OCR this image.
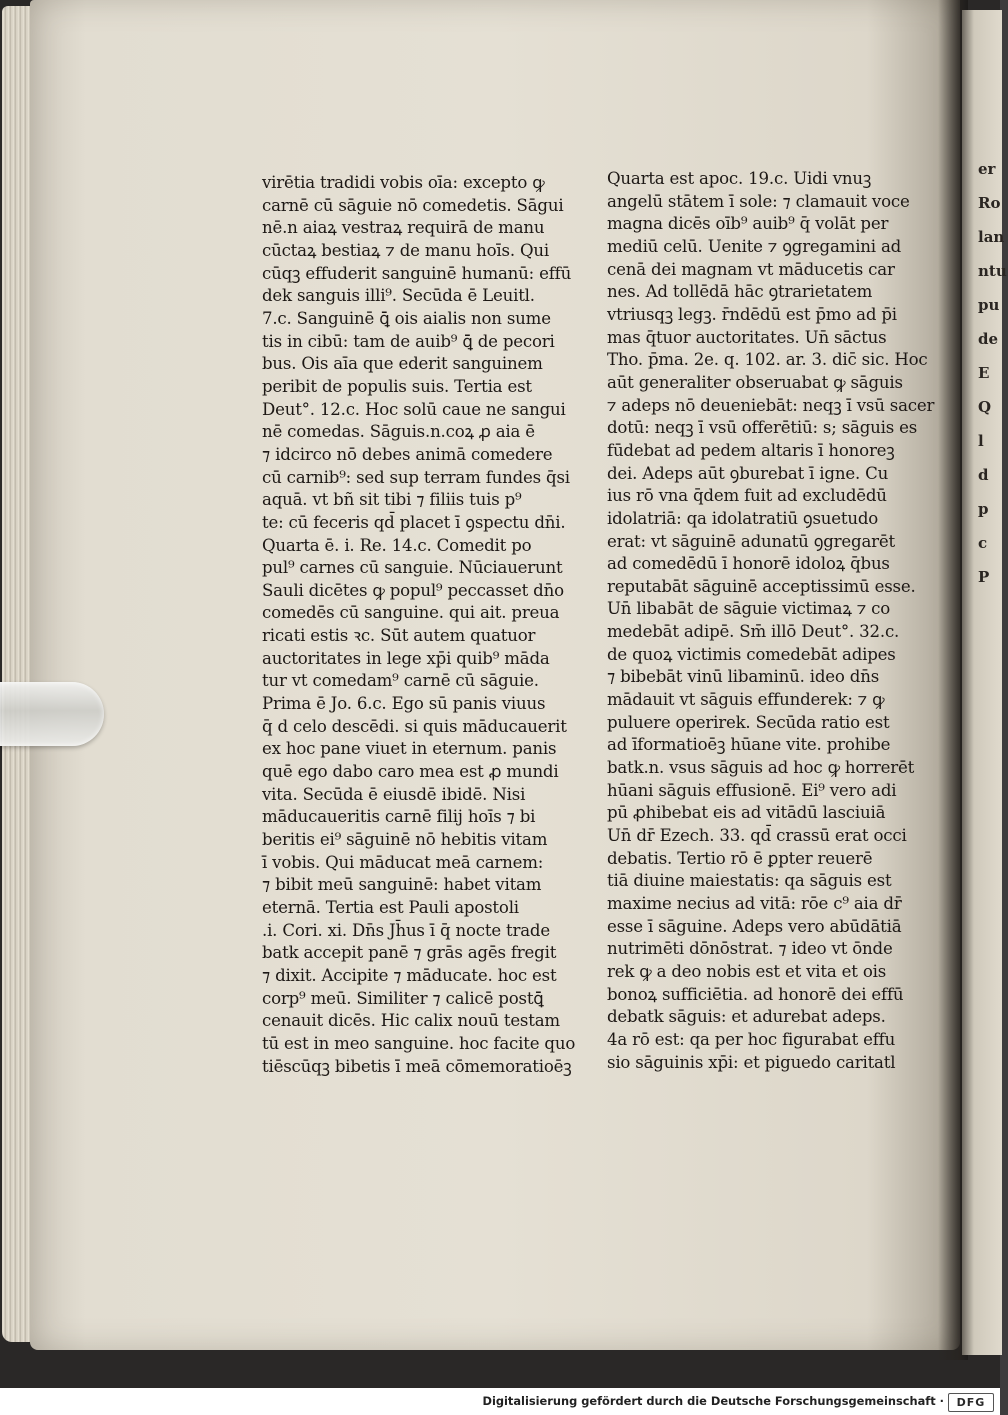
er
Ro
lan
ntu
pu
de
E
Q
l
d
p
c
P
virētia tradidi vobis oīa: excepto ꝙ
carnē cū sāguie nō comedetis. Sāgui
nē.n aiaꝝ vestraꝝ requirā de manu
cūctaꝝ bestiaꝝ ⁊ de manu hoīs. Qui
cūqꝫ effuderit sanguinē humanū: effū
dek sanguis illi⁹. Secūda ē Leuitl.
7.c. Sanguinē ꝗ̄ ois aialis non sume
tis in cibū: tam de auib⁹ ꝗ̄ de pecori
bus. Ois aīa que ederit sanguinem
peribit de populis suis. Tertia est
Deut°. 12.c. Hoc solū caue ne sangui
nē comedas. Sāguis.n.coꝝ ꝓ aia ē
⁊ idcirco nō debes animā comedere
cū carnib⁹: sed sup terram fundes q̄si
aquā. vt bñ sit tibi ⁊ filiis tuis p⁹
te: cū feceris qd̄ placet ī ꝯspectu dn̄i.
Quarta ē. i. Re. 14.c. Comedit po
pul⁹ carnes cū sanguie. Nūciauerunt
Sauli dicētes ꝙ popul⁹ peccasset dn̄o
comedēs cū sanguine. qui ait. preua
ricati estis ꝛc. Sūt autem quatuor
auctoritates in lege xp̄i quib⁹ māda
tur vt comedam⁹ carnē cū sāguie.
Prima ē Jo. 6.c. Ego sū panis viuus
q̄ d celo descēdi. si quis māducauerit
ex hoc pane viuet in eternum. panis
quē ego dabo caro mea est ꝓ mundi
vita. Secūda ē eiusdē ibidē. Nisi
māducaueritis carnē filij hoīs ⁊ bi
beritis ei⁹ sāguinē nō hebitis vitam
ī vobis. Qui māducat meā carnem:
⁊ bibit meū sanguinē: habet vitam
eternā. Tertia est Pauli apostoli
.i. Cori. xi. Dn̄s Jh̄us ī q̄ nocte trade
batk accepit panē ⁊ grās agēs fregit
⁊ dixit. Accipite ⁊ māducate. hoc est
corp⁹ meū. Similiter ⁊ calicē postꝗ̄
cenauit dicēs. Hic calix nouū testam
tū est in meo sanguine. hoc facite quo
tiēscūqꝫ bibetis ī meā cōmemoratioēꝫ
Quarta est apoc. 19.c. Uidi vnuꝫ
angelū stātem ī sole: ⁊ clamauit voce
magna dicēs oīb⁹ auib⁹ q̄ volāt per
mediū celū. Uenite ⁊ ꝯgregamini ad
cenā dei magnam vt māducetis car
nes. Ad tollēdā hāc ꝯtrarietatem
vtriusqꝫ legꝫ. r̄ndēdū est p̄mo ad p̄i
mas q̄tuor auctoritates. Un̄ sāctus
Tho. p̄ma. 2e. q. 102. ar. 3. dic̄ sic. Hoc
aūt generaliter obseruabat ꝙ sāguis
⁊ adeps nō deueniebāt: neqꝫ ī vsū sacer
dotū: neqꝫ ī vsū offerētiū: s; sāguis es
fūdebat ad pedem altaris ī honoreꝫ
dei. Adeps aūt ꝯburebat ī igne. Cu
ius rō vna q̄dem fuit ad excludēdū
idolatriā: qa idolatratiū ꝯsuetudo
erat: vt sāguinē adunatū ꝯgregarēt
ad comedēdū ī honorē idoloꝝ q̄bus
reputabāt sāguinē acceptissimū esse.
Un̄ libabāt de sāguie victimaꝝ ⁊ co
medebāt adipē. Sm̄ illō Deut°. 32.c.
de quoꝝ victimis comedebāt adipes
⁊ bibebāt vinū libaminū. ideo dn̄s
mādauit vt sāguis effunderek: ⁊ ꝙ
puluere operirek. Secūda ratio est
ad īformatioēꝫ hūane vite. prohibe
batk.n. vsus sāguis ad hoc ꝙ horrerēt
hūani sāguis effusionē. Ei⁹ vero adi
pū ꝓhibebat eis ad vitādū lasciuiā
Un̄ dr̄ Ezech. 33. qd̄ crassū erat occi
debatis. Tertio rō ē ꝑpter reuerē
tiā diuine maiestatis: qa sāguis est
maxime necius ad vitā: rōe c⁹ aia dr̄
esse ī sāguine. Adeps vero abūdātiā
nutrimēti dōnōstrat. ⁊ ideo vt ōnde
rek ꝙ a deo nobis est et vita et ois
bonoꝝ sufficiētia. ad honorē dei effū
debatk sāguis: et adurebat adeps.
4a rō est: qa per hoc figurabat effu
sio sāguinis xp̄i: et piguedo caritatl
Digitalisierung gefördert durch die Deutsche Forschungsgemeinschaft ·	DFG
